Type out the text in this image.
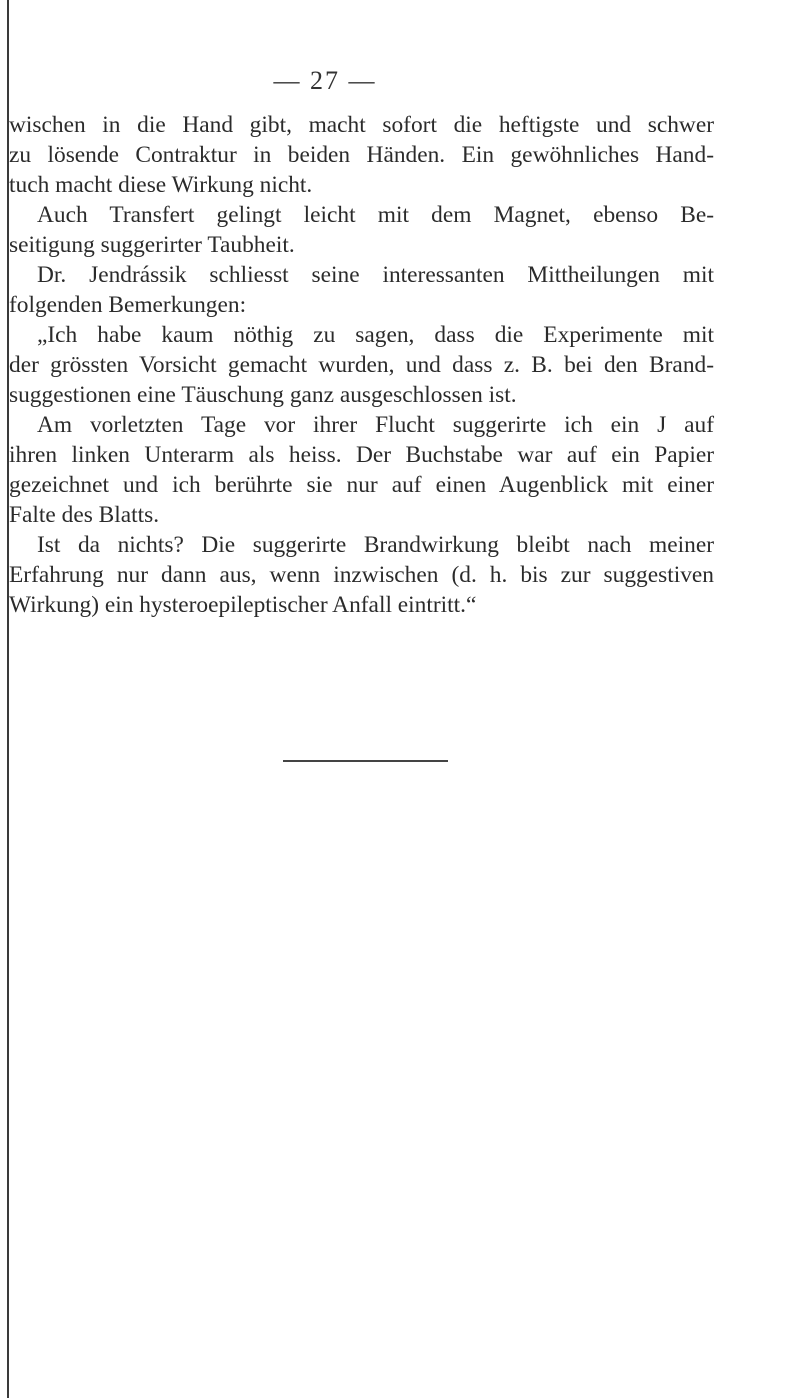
— 27 —
wischen in die Hand gibt, macht sofort die heftigste und schwer
zu lösende Contraktur in beiden Händen. Ein gewöhnliches Hand-
tuch macht diese Wirkung nicht.
Auch Transfert gelingt leicht mit dem Magnet, ebenso Be-
seitigung suggerirter Taubheit.
Dr. Jendrássik schliesst seine interessanten Mittheilungen mit
folgenden Bemerkungen:
„Ich habe kaum nöthig zu sagen, dass die Experimente mit
der grössten Vorsicht gemacht wurden, und dass z. B. bei den Brand-
suggestionen eine Täuschung ganz ausgeschlossen ist.
Am vorletzten Tage vor ihrer Flucht suggerirte ich ein J auf
ihren linken Unterarm als heiss. Der Buchstabe war auf ein Papier
gezeichnet und ich berührte sie nur auf einen Augenblick mit einer
Falte des Blatts.
Ist da nichts? Die suggerirte Brandwirkung bleibt nach meiner
Erfahrung nur dann aus, wenn inzwischen (d. h. bis zur suggestiven
Wirkung) ein hysteroepileptischer Anfall eintritt.“
